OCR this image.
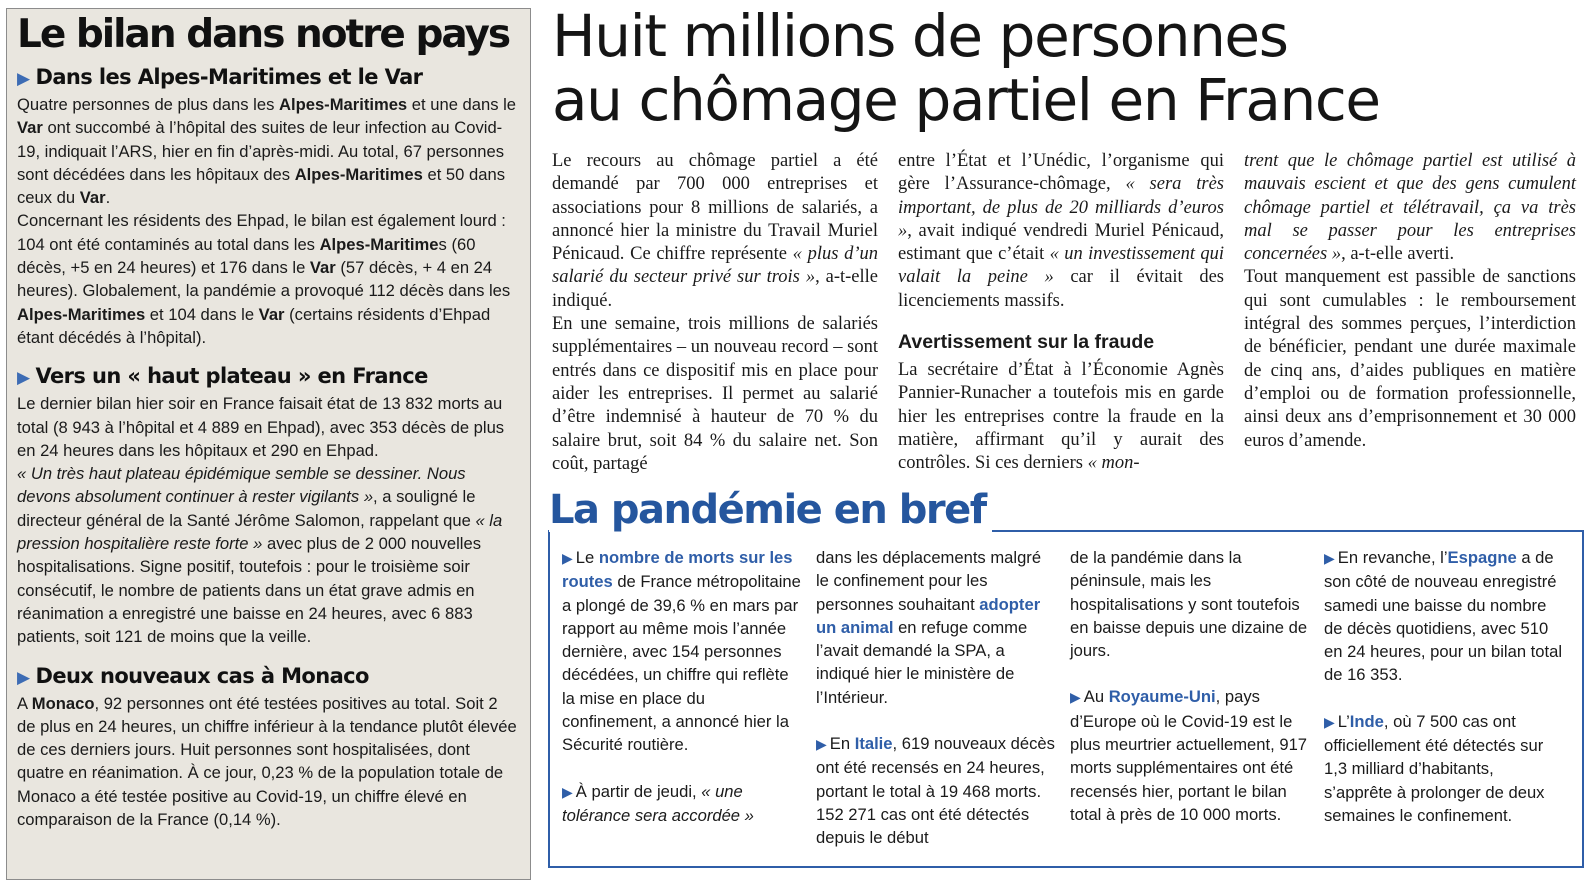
Le bilan dans notre pays
▶ Dans les Alpes-Maritimes et le Var
Quatre personnes de plus dans les Alpes-Maritimes et une dans le Var ont succombé à l’hôpital des suites de leur infection au Covid-19, indiquait l’ARS, hier en fin d’après-midi. Au total, 67 personnes sont décédées dans les hôpitaux des Alpes-Maritimes et 50 dans ceux du Var.
Concernant les résidents des Ehpad, le bilan est également lourd : 104 ont été contaminés au total dans les Alpes-Maritimes (60 décès, +5 en 24 heures) et 176 dans le Var (57 décès, + 4 en 24 heures). Globalement, la pandémie a provoqué 112 décès dans les Alpes-Maritimes et 104 dans le Var (certains résidents d’Ehpad étant décédés à l’hôpital).
▶ Vers un « haut plateau » en France
Le dernier bilan hier soir en France faisait état de 13 832 morts au total (8 943 à l’hôpital et 4 889 en Ehpad), avec 353 décès de plus en 24 heures dans les hôpitaux et 290 en Ehpad.
« Un très haut plateau épidémique semble se dessiner. Nous devons absolument continuer à rester vigilants », a souligné le directeur général de la Santé Jérôme Salomon, rappelant que « la pression hospitalière reste forte » avec plus de 2 000 nouvelles hospitalisations. Signe positif, toutefois : pour le troisième soir consécutif, le nombre de patients dans un état grave admis en réanimation a enregistré une baisse en 24 heures, avec 6 883 patients, soit 121 de moins que la veille.
▶ Deux nouveaux cas à Monaco
A Monaco, 92 personnes ont été testées positives au total. Soit 2 de plus en 24 heures, un chiffre inférieur à la tendance plutôt élevée de ces derniers jours. Huit personnes sont hospitalisées, dont quatre en réanimation. À ce jour, 0,23 % de la population totale de Monaco a été testée positive au Covid-19, un chiffre élevé en comparaison de la France (0,14 %).
Huit millions de personnes
au chômage partiel en France
Le recours au chômage partiel a été demandé par 700 000 entreprises et associations pour 8 millions de salariés, a annoncé hier la ministre du Travail Muriel Pénicaud. Ce chiffre représente « plus d’un salarié du secteur privé sur trois », a-t-elle indiqué.
En une semaine, trois millions de salariés supplémentaires – un nouveau record – sont entrés dans ce dispositif mis en place pour aider les entreprises. Il permet au salarié d’être indemnisé à hauteur de 70 % du salaire brut, soit 84 % du salaire net. Son coût, partagé
entre l’État et l’Unédic, l’organisme qui gère l’Assurance-chômage, « sera très important, de plus de 20 milliards d’euros », avait indiqué vendredi Muriel Pénicaud, estimant que c’était « un investissement qui valait la peine » car il évitait des licenciements massifs.
Avertissement sur la fraude
La secrétaire d’État à l’Économie Agnès Pannier-Runacher a toutefois mis en garde hier les entreprises contre la fraude en la matière, affirmant qu’il y aurait des contrôles. Si ces derniers « mon-
trent que le chômage partiel est utilisé à mauvais escient et que des gens cumulent chômage partiel et télétravail, ça va très mal se passer pour les entreprises concernées », a-t-elle averti.
Tout manquement est passible de sanctions qui sont cumulables : le remboursement intégral des sommes perçues, l’interdiction de bénéficier, pendant une durée maximale de cinq ans, d’aides publiques en matière d’emploi ou de formation professionnelle, ainsi deux ans d’emprisonnement et 30 000 euros d’amende.
La pandémie en bref
▶ Le nombre de morts sur les routes de France métropolitaine a plongé de 39,6 % en mars par rapport au même mois l’année dernière, avec 154 personnes décédées, un chiffre qui reflète la mise en place du confinement, a annoncé hier la Sécurité routière.
▶ À partir de jeudi, « une tolérance sera accordée »
dans les déplacements malgré le confinement pour les personnes souhaitant adopter un animal en refuge comme l’avait demandé la SPA, a indiqué hier le ministère de l’Intérieur.
▶ En Italie, 619 nouveaux décès ont été recensés en 24 heures, portant le total à 19 468 morts. 152 271 cas ont été détectés depuis le début
de la pandémie dans la péninsule, mais les hospitalisations y sont toutefois en baisse depuis une dizaine de jours.
▶ Au Royaume-Uni, pays d’Europe où le Covid-19 est le plus meurtrier actuellement, 917 morts supplémentaires ont été recensés hier, portant le bilan total à près de 10 000 morts.
▶ En revanche, l’Espagne a de son côté de nouveau enregistré samedi une baisse du nombre de décès quotidiens, avec 510 en 24 heures, pour un bilan total de 16 353.
▶ L’Inde, où 7 500 cas ont officiellement été détectés sur 1,3 milliard d’habitants, s’apprête à prolonger de deux semaines le confinement.
